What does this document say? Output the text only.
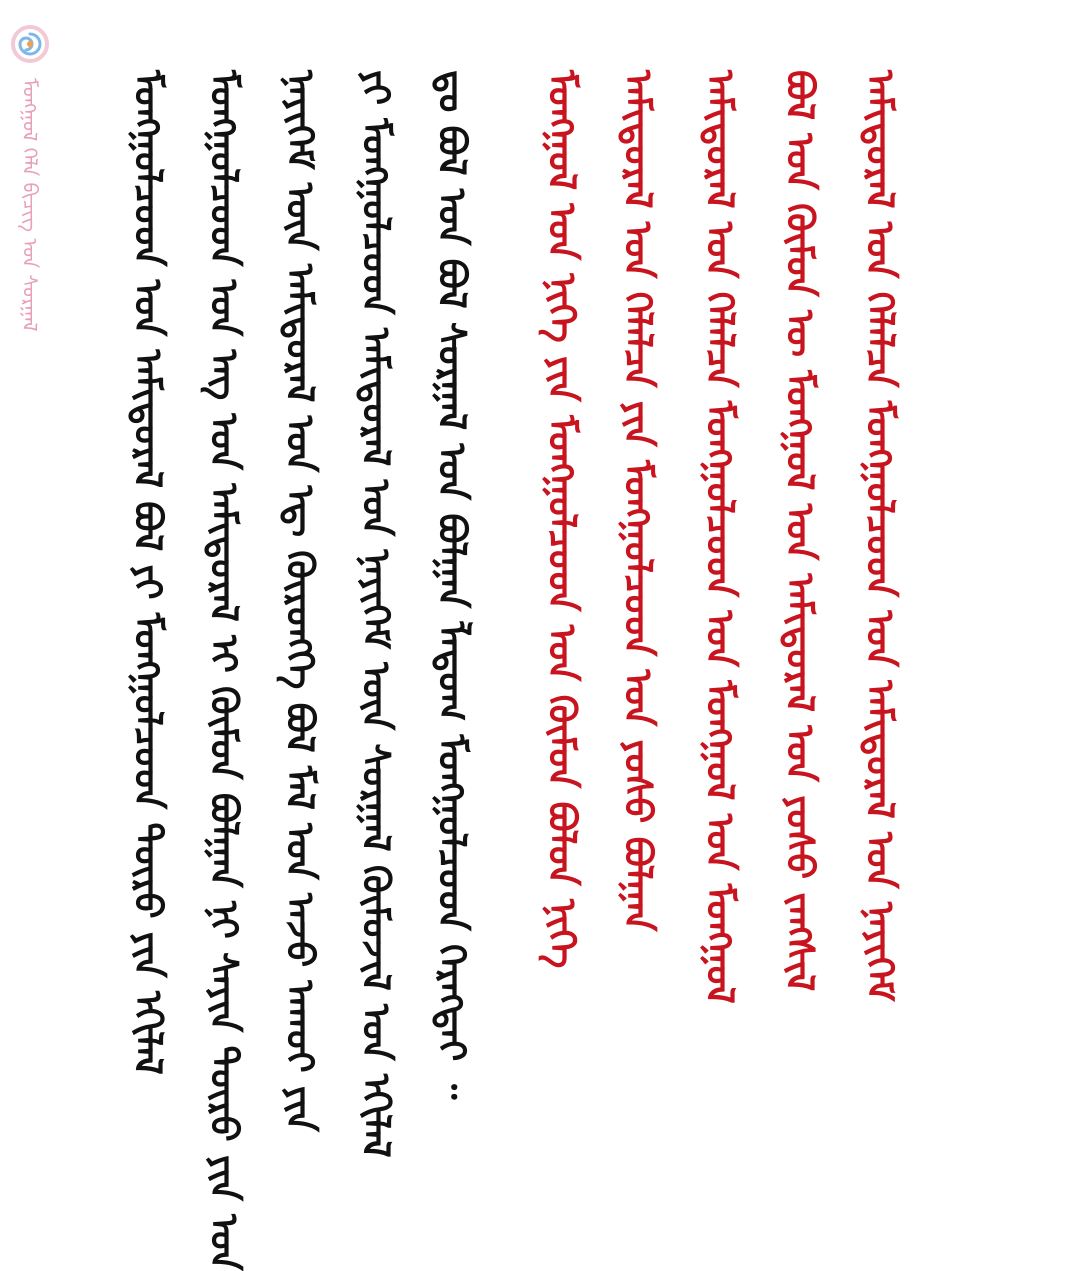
ᠮᠣᠩᠭᠣᠯ ᠬᠡᠯᠡ ᠪᠢᠴᠢᠭ᠌ ᠤᠨ ᠰᠤᠷᠭᠠᠯ ᠮᠣᠩᠭᠣᠯᠴᠤᠳ ᠤᠨ ᠠᠮᠢᠳᠤᠷᠠᠯ ᠪᠣᠯ ᠶᠢ ᠮᠣᠩᠭᠣᠯᠴᠤᠳ ᠲᠥᠷᠥ ᠶᠢᠨ ᠡᠬᠢᠯᠡᠯ ᠮᠣᠩᠭᠣᠯᠴᠤᠳ ᠤᠨ ᠡᠩ ᠤᠨ ᠠᠮᠢᠳᠤᠷᠠᠯ ᠢ ᠬᠦᠮᠦᠨ ᠪᠣᠯᠭᠠᠨ ᠨᠢ ᠰᠠᠶᠢᠨ ᠲᠥᠷᠥ ᠶᠢᠨ ᠤᠨ ᠨᠡᠶᠢᠭᠡᠮ ᠦᠨ ᠠᠮᠢᠳᠤᠷᠠᠯ ᠤᠨ ᠡᠳ᠋ ᠬᠥᠷᠥᠩᠭᠡ ᠪᠣᠯ ᠮᠠᠯ ᠤᠨ ᠠᠵᠤ ᠠᠬᠤᠢ ᠶᠢᠨ ᠶᠢ ᠮᠣᠩᠭᠣᠯᠴᠤᠳ ᠠᠮᠢᠳᠤᠷᠠᠯ ᠤᠨ ᠨᠡᠶᠢᠭᠡᠮ ᠦᠨ ᠰᠤᠷᠭᠠᠯ ᠬᠦᠮᠦᠵᠢᠯ ᠤᠨ ᠡᠬᠢᠯᠡᠯ ᠳᠤ ᠪᠣᠯ ᠤᠨ ᠪᠣᠯ ᠰᠤᠷᠭᠠᠯ ᠤᠨ ᠪᠣᠯᠭᠠᠨ ᠯᠠᠳᠤᠭ ᠮᠣᠩᠭᠣᠯᠴᠤᠳ ᠬᠡᠷᠡᠭᠲᠡᠢ ᠃ ᠮᠣᠩᠭᠣᠯ ᠤᠨ ᠨᠢᠭᠡ ᠶᠢᠨ ᠮᠣᠩᠭᠣᠯᠴᠤᠳ ᠤᠨ ᠬᠦᠮᠦᠨ ᠪᠣᠯᠤᠨ ᠨᠢᠭᠡ ᠠᠮᠢᠳᠤᠷᠠᠯ ᠤᠨ ᠬᠡᠯᠡᠯᠴᠡ ᠶᠢᠨ ᠮᠣᠩᠭᠣᠯᠴᠤᠳ ᠤᠨ ᠶᠣᠰᠣ ᠪᠣᠯᠭᠠᠨ ᠠᠮᠢᠳᠤᠷᠠᠯ ᠤᠨ ᠬᠡᠯᠡᠯᠴᠡ ᠮᠣᠩᠭᠣᠯᠴᠤᠳ ᠤᠨ ᠮᠣᠩᠭᠣᠯ ᠤᠨ ᠮᠣᠩᠭᠣᠯ ᠪᠣᠯ ᠤᠨ ᠬᠦᠮᠦᠨ ᠦ ᠮᠣᠩᠭᠣᠯ ᠤᠨ ᠠᠮᠢᠳᠤᠷᠠᠯ ᠤᠨ ᠶᠣᠰᠣ ᠵᠠᠩᠱᠢᠯ ᠠᠮᠢᠳᠤᠷᠠᠯ ᠤᠨ ᠬᠡᠯᠡᠯᠴᠡ ᠮᠣᠩᠭᠣᠯᠴᠤᠳ ᠤᠨ ᠠᠮᠢᠳᠤᠷᠠᠯ ᠤᠨ ᠨᠡᠶᠢᠭᠡᠮ
